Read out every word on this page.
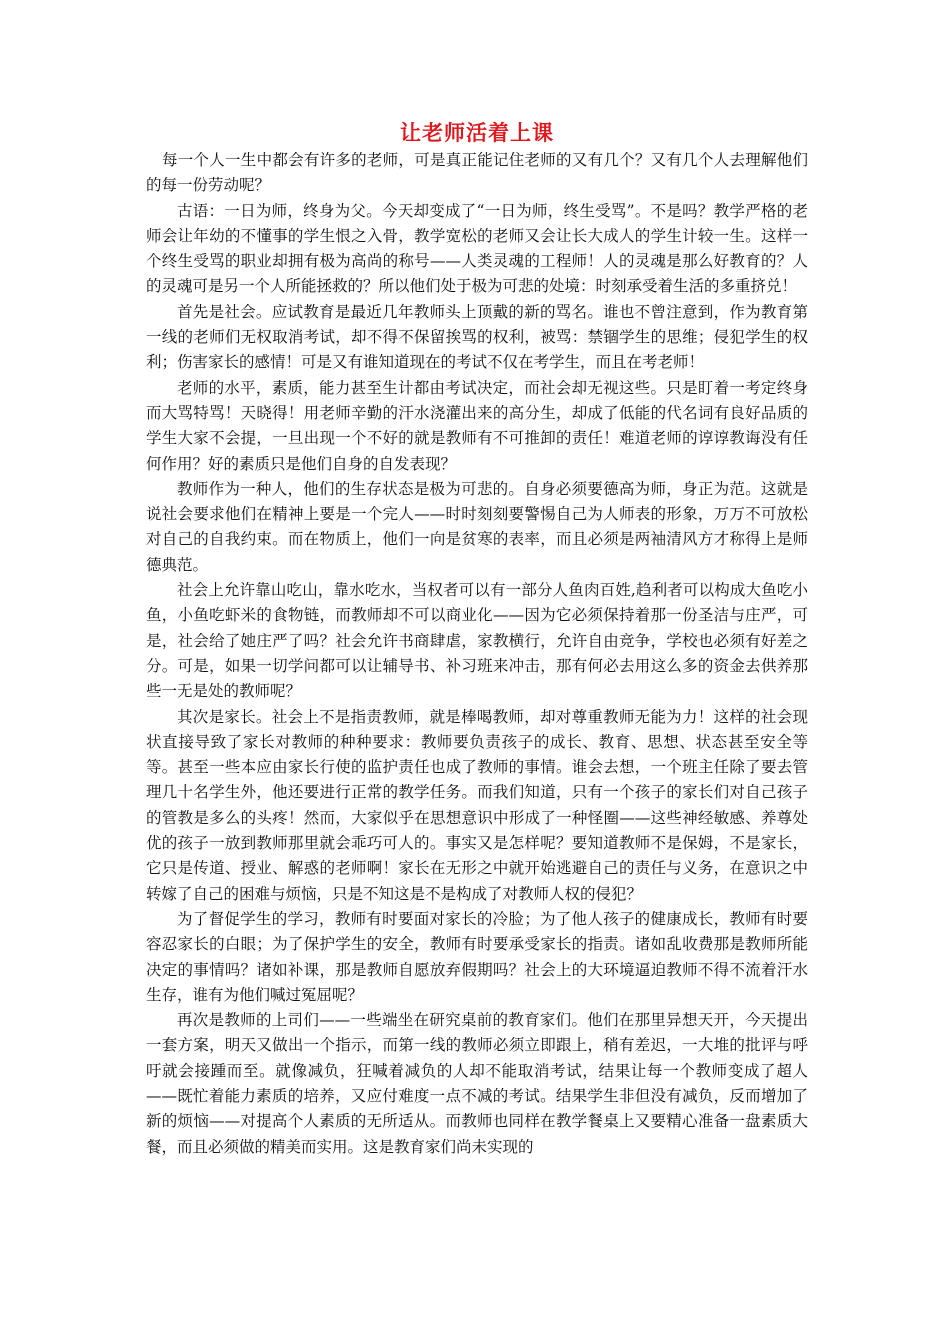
让老师活着上课

每一个人一生中都会有许多的老师，可是真正能记住老师的又有几个？又有几个人去理解他们的每一份劳动呢？

古语：一日为师，终身为父。今天却变成了“一日为师，终生受骂”。不是吗？教学严格的老师会让年幼的不懂事的学生恨之入骨，教学宽松的老师又会让长大成人的学生计较一生。这样一个终生受骂的职业却拥有极为高尚的称号——人类灵魂的工程师！人的灵魂是那么好教育的？人的灵魂可是另一个人所能拯救的？所以他们处于极为可悲的处境：时刻承受着生活的多重挤兑！

首先是社会。应试教育是最近几年教师头上顶戴的新的骂名。谁也不曾注意到，作为教育第一线的老师们无权取消考试，却不得不保留挨骂的权利，被骂：禁锢学生的思维；侵犯学生的权利；伤害家长的感情！可是又有谁知道现在的考试不仅在考学生，而且在考老师！

老师的水平，素质，能力甚至生计都由考试决定，而社会却无视这些。只是盯着一考定终身而大骂特骂！天晓得！用老师辛勤的汗水浇灌出来的高分生，却成了低能的代名词有良好品质的学生大家不会提，一旦出现一个不好的就是教师有不可推卸的责任！难道老师的谆谆教诲没有任何作用？好的素质只是他们自身的自发表现？

教师作为一种人，他们的生存状态是极为可悲的。自身必须要德高为师，身正为范。这就是说社会要求他们在精神上要是一个完人——时时刻刻要警惕自己为人师表的形象，万万不可放松对自己的自我约束。而在物质上，他们一向是贫寒的表率，而且必须是两袖清风方才称得上是师德典范。

社会上允许靠山吃山，靠水吃水，当权者可以有一部分人鱼肉百姓,趋利者可以构成大鱼吃小鱼，小鱼吃虾米的食物链，而教师却不可以商业化——因为它必须保持着那一份圣洁与庄严，可是，社会给了她庄严了吗？社会允许书商肆虐，家教横行，允许自由竞争，学校也必须有好差之分。可是，如果一切学问都可以让辅导书、补习班来冲击，那有何必去用这么多的资金去供养那些一无是处的教师呢？

其次是家长。社会上不是指责教师，就是棒喝教师，却对尊重教师无能为力！这样的社会现状直接导致了家长对教师的种种要求：教师要负责孩子的成长、教育、思想、状态甚至安全等等。甚至一些本应由家长行使的监护责任也成了教师的事情。谁会去想，一个班主任除了要去管理几十名学生外，他还要进行正常的教学任务。而我们知道，只有一个孩子的家长们对自己孩子的管教是多么的头疼！然而，大家似乎在思想意识中形成了一种怪圈——这些神经敏感、养尊处优的孩子一放到教师那里就会乖巧可人的。事实又是怎样呢？要知道教师不是保姆，不是家长，它只是传道、授业、解惑的老师啊！家长在无形之中就开始逃避自己的责任与义务，在意识之中转嫁了自己的困难与烦恼，只是不知这是不是构成了对教师人权的侵犯？

为了督促学生的学习，教师有时要面对家长的冷脸；为了他人孩子的健康成长，教师有时要容忍家长的白眼；为了保护学生的安全，教师有时要承受家长的指责。诸如乱收费那是教师所能决定的事情吗？诸如补课，那是教师自愿放弃假期吗？社会上的大环境逼迫教师不得不流着汗水生存，谁有为他们喊过冤屈呢？

再次是教师的上司们——一些端坐在研究桌前的教育家们。他们在那里异想天开，今天提出一套方案，明天又做出一个指示，而第一线的教师必须立即跟上，稍有差迟，一大堆的批评与呼吁就会接踵而至。就像减负，狂喊着减负的人却不能取消考试，结果让每一个教师变成了超人——既忙着能力素质的培养，又应付难度一点不减的考试。结果学生非但没有减负，反而增加了新的烦恼——对提高个人素质的无所适从。而教师也同样在教学餐桌上又要精心准备一盘素质大餐，而且必须做的精美而实用。这是教育家们尚未实现的
